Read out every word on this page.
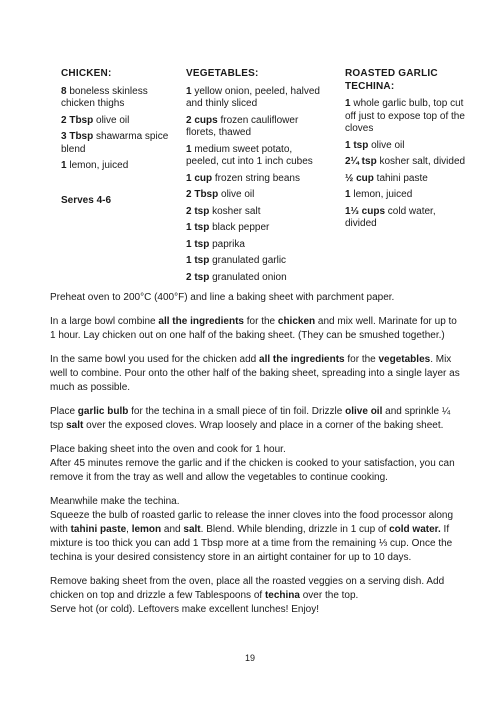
CHICKEN:
8 boneless skinless chicken thighs
2 Tbsp olive oil
3 Tbsp shawarma spice blend
1 lemon, juiced
Serves 4-6
VEGETABLES:
1 yellow onion, peeled, halved and thinly sliced
2 cups frozen cauliflower florets, thawed
1 medium sweet potato, peeled, cut into 1 inch cubes
1 cup frozen string beans
2 Tbsp olive oil
2 tsp kosher salt
1 tsp black pepper
1 tsp paprika
1 tsp granulated garlic
2 tsp granulated onion
ROASTED GARLIC TECHINA:
1 whole garlic bulb, top cut off just to expose top of the cloves
1 tsp olive oil
2¼ tsp kosher salt, divided
½ cup tahini paste
1 lemon, juiced
1⅓ cups cold water, divided

Preheat oven to 200°C (400°F) and line a baking sheet with parchment paper.

In a large bowl combine all the ingredients for the chicken and mix well. Marinate for up to 1 hour. Lay chicken out on one half of the baking sheet. (They can be smushed together.)

In the same bowl you used for the chicken add all the ingredients for the vegetables. Mix well to combine. Pour onto the other half of the baking sheet, spreading into a single layer as much as possible.

Place garlic bulb for the techina in a small piece of tin foil. Drizzle olive oil and sprinkle ¼ tsp salt over the exposed cloves. Wrap loosely and place in a corner of the baking sheet.

Place baking sheet into the oven and cook for 1 hour.
After 45 minutes remove the garlic and if the chicken is cooked to your satisfaction, you can remove it from the tray as well and allow the vegetables to continue cooking.

Meanwhile make the techina.
Squeeze the bulb of roasted garlic to release the inner cloves into the food processor along with tahini paste, lemon and salt. Blend. While blending, drizzle in 1 cup of cold water. If mixture is too thick you can add 1 Tbsp more at a time from the remaining ⅓ cup. Once the techina is your desired consistency store in an airtight container for up to 10 days.

Remove baking sheet from the oven, place all the roasted veggies on a serving dish. Add chicken on top and drizzle a few Tablespoons of techina over the top.
Serve hot (or cold). Leftovers make excellent lunches! Enjoy!

19
